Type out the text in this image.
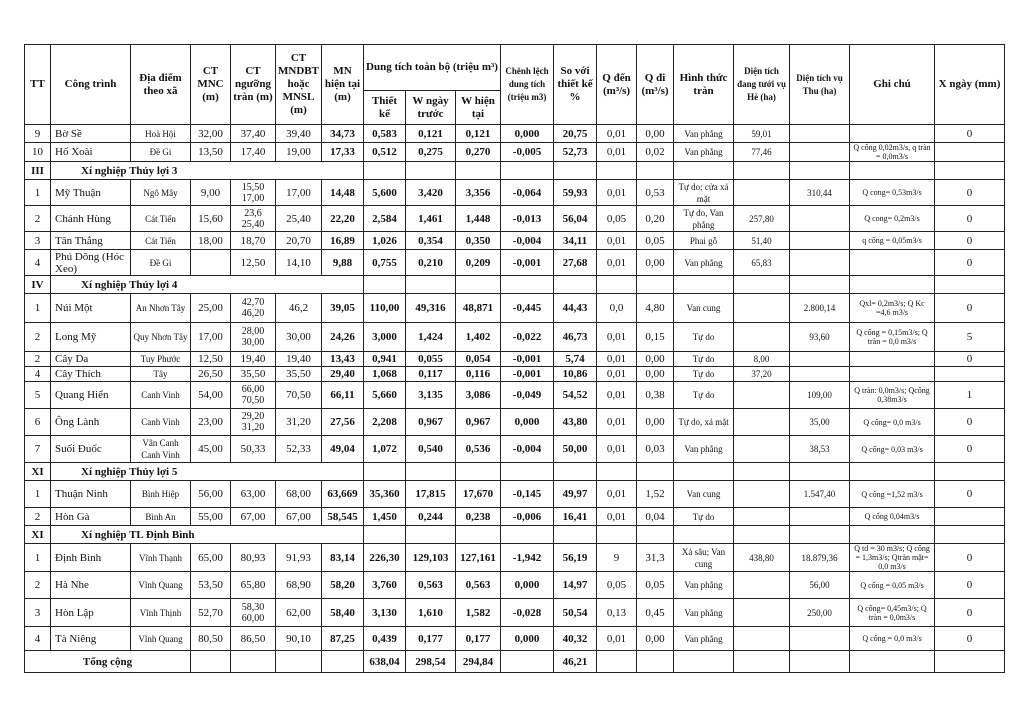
TT	Công trình	Địa điểm theo xã	CT MNC (m)	CT ngưỡng tràn (m)	CT MNDBT hoặc MNSL (m)	MN hiện tại (m)	Dung tích toàn bộ (triệu m³)			Chênh lệch dung tích (triệu m3)	So với thiết kế %	Q đến (m³/s)	Q đi (m³/s)	Hình thức tràn	Diện tích đang tưới vụ Hè (ha)	Diện tích vụ Thu (ha)	Ghi chú	X ngày (mm)
							Thiết kế	W ngày trước	W hiện tại									
9	Bờ Sề	Hoà Hội	32,00	37,40	39,40	34,73	0,583	0,121	0,121	0,000	20,75	0,01	0,00	Van phẳng	59,01			0
10	Hố Xoài	Đề Gi	13,50	17,40	19,00	17,33	0,512	0,275	0,270	-0,005	52,73	0,01	0,02	Van phẳng	77,46		Q cống 0,02m3/s, q tràn = 0,0m3/s	
III	Xí nghiệp Thủy lợi 3																	
1	Mỹ Thuận	Ngô Mây	9,00	15,50 17,00	17,00	14,48	5,600	3,420	3,356	-0,064	59,93	0,01	0,53	Tự do; cửa xả mặt		310,44	Q cong= 0,53m3/s	0
2	Chánh Hùng	Cát Tiến	15,60	23,6 25,40	25,40	22,20	2,584	1,461	1,448	-0,013	56,04	0,05	0,20	Tự do, Van phẳng	257,80		Q cong= 0,2m3/s	0
3	Tân Thắng	Cát Tiến	18,00	18,70	20,70	16,89	1,026	0,354	0,350	-0,004	34,11	0,01	0,05	Phai gỗ	51,40		q cống = 0,05m3/s	0
4	Phú Dõng (Hóc Xeo)	Đề Gi		12,50	14,10	9,88	0,755	0,210	0,209	-0,001	27,68	0,01	0,00	Van phẳng	65,83			0
IV	Xí nghiệp Thủy lợi 4																	
1	Núi Một	An Nhơn Tây	25,00	42,70 46,20	46,2	39,05	110,00	49,316	48,871	-0,445	44,43	0,0	4,80	Van cung		2.800,14	Qxl= 0,2m3/s; Q Kc =4,6 m3/s	0
2	Long Mỹ	Quy Nhơn Tây	17,00	28,00 30,00	30,00	24,26	3,000	1,424	1,402	-0,022	46,73	0,01	0,15	Tự do		93,60	Q cống = 0,15m3/s; Q tràn = 0,0 m3/s	5
2	Cây Da	Tuy Phước	12,50	19,40	19,40	13,43	0,941	0,055	0,054	-0,001	5,74	0,01	0,00	Tự do	8,00			0
4	Cây Thích	Tây	26,50	35,50	35,50	29,40	1,068	0,117	0,116	-0,001	10,86	0,01	0,00	Tự do	37,20			
5	Quang Hiển	Canh Vinh	54,00	66,00 70,50	70,50	66,11	5,660	3,135	3,086	-0,049	54,52	0,01	0,38	Tự do		109,00	Q tràn: 0,0m3/s; Qcống 0,38m3/s	1
6	Ông Lành	Canh Vinh	23,00	29,20 31,20	31,20	27,56	2,208	0,967	0,967	0,000	43,80	0,01	0,00	Tự do, xả mặt		35,00	Q cống= 0,0 m3/s	0
7	Suối Đuốc	Vân Canh Canh Vinh	45,00	50,33	52,33	49,04	1,072	0,540	0,536	-0,004	50,00	0,01	0,03	Van phẳng		38,53	Q cống= 0,03 m3/s	0
XI	Xí nghiệp Thủy lợi 5																	
1	Thuận Ninh	Bình Hiệp	56,00	63,00	68,00	63,669	35,360	17,815	17,670	-0,145	49,97	0,01	1,52	Van cung		1.547,40	Q cống =1,52 m3/s	0
2	Hòn Gà	Bình An	55,00	67,00	67,00	58,545	1,450	0,244	0,238	-0,006	16,41	0,01	0,04	Tự do			Q cống 0,04m3/s	
XI	Xí nghiệp TL Định Bình																	
1	Định Bình	Vĩnh Thạnh	65,00	80,93	91,93	83,14	226,30	129,103	127,161	-1,942	56,19	9	31,3	Xả sâu; Van cung	438,80	18.879,36	Q td = 30 m3/s; Q cống = 1,3m3/s; Qtràn mặt= 0,0 m3/s	0
2	Hà Nhe	Vĩnh Quang	53,50	65,80	68,90	58,20	3,760	0,563	0,563	0,000	14,97	0,05	0,05	Van phẳng		56,00	Q cống = 0,05 m3/s	0
3	Hòn Lập	Vĩnh Thịnh	52,70	58,30 60,00	62,00	58,40	3,130	1,610	1,582	-0,028	50,54	0,13	0,45	Van phẳng		250,00	Q cống= 0,45m3/s; Q tràn = 0,0m3/s	0
4	Tà Niêng	Vĩnh Quang	80,50	86,50	90,10	87,25	0,439	0,177	0,177	0,000	40,32	0,01	0,00	Van phẳng			Q cống = 0,0 m3/s	0
Tổng cộng							638,04	298,54	294,84		46,21							
